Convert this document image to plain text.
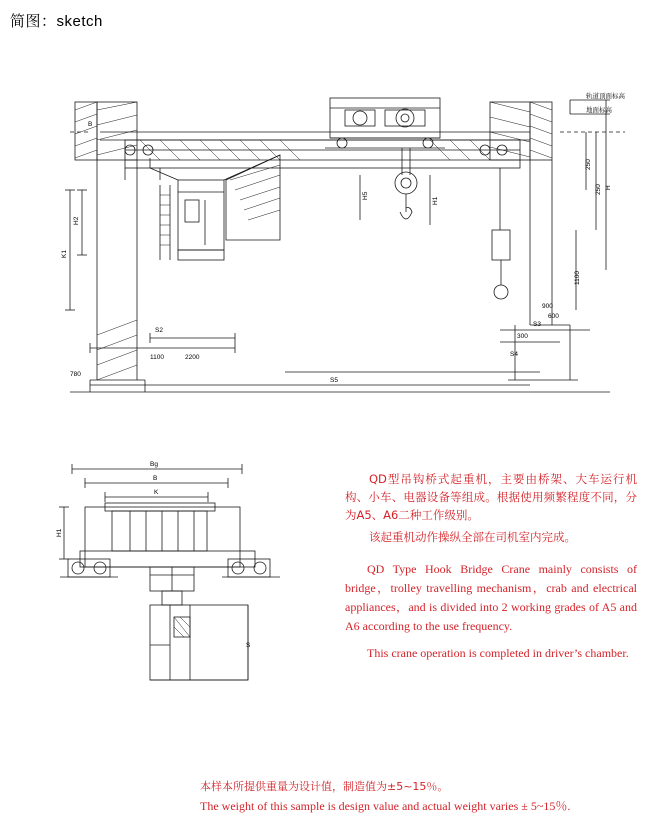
简图：sketch
H2
K1
S2
1100	2200
S5
S4
S3
H5
H1
250
250 H
1100
600
900
300
B
780
轨道顶面标高
地面标高
Bg
B
K
H1
S

QD型吊钩桥式起重机，主要由桥架、大车运行机构、小车、电器设备等组成。根据使用频繁程度不同，分为A5、A6二种工作级别。

该起重机动作操纵全部在司机室内完成。

QD Type Hook Bridge Crane mainly consists of bridge，trolley travelling mechanism，crab and electrical appliances，and is divided into 2 working grades of A5 and A6 according to the use frequency.

This crane operation is completed in driver’s chamber.

本样本所提供重量为设计值，制造值为±5~15％。
The weight of this sample is design value and actual weight varies ± 5~15％.
